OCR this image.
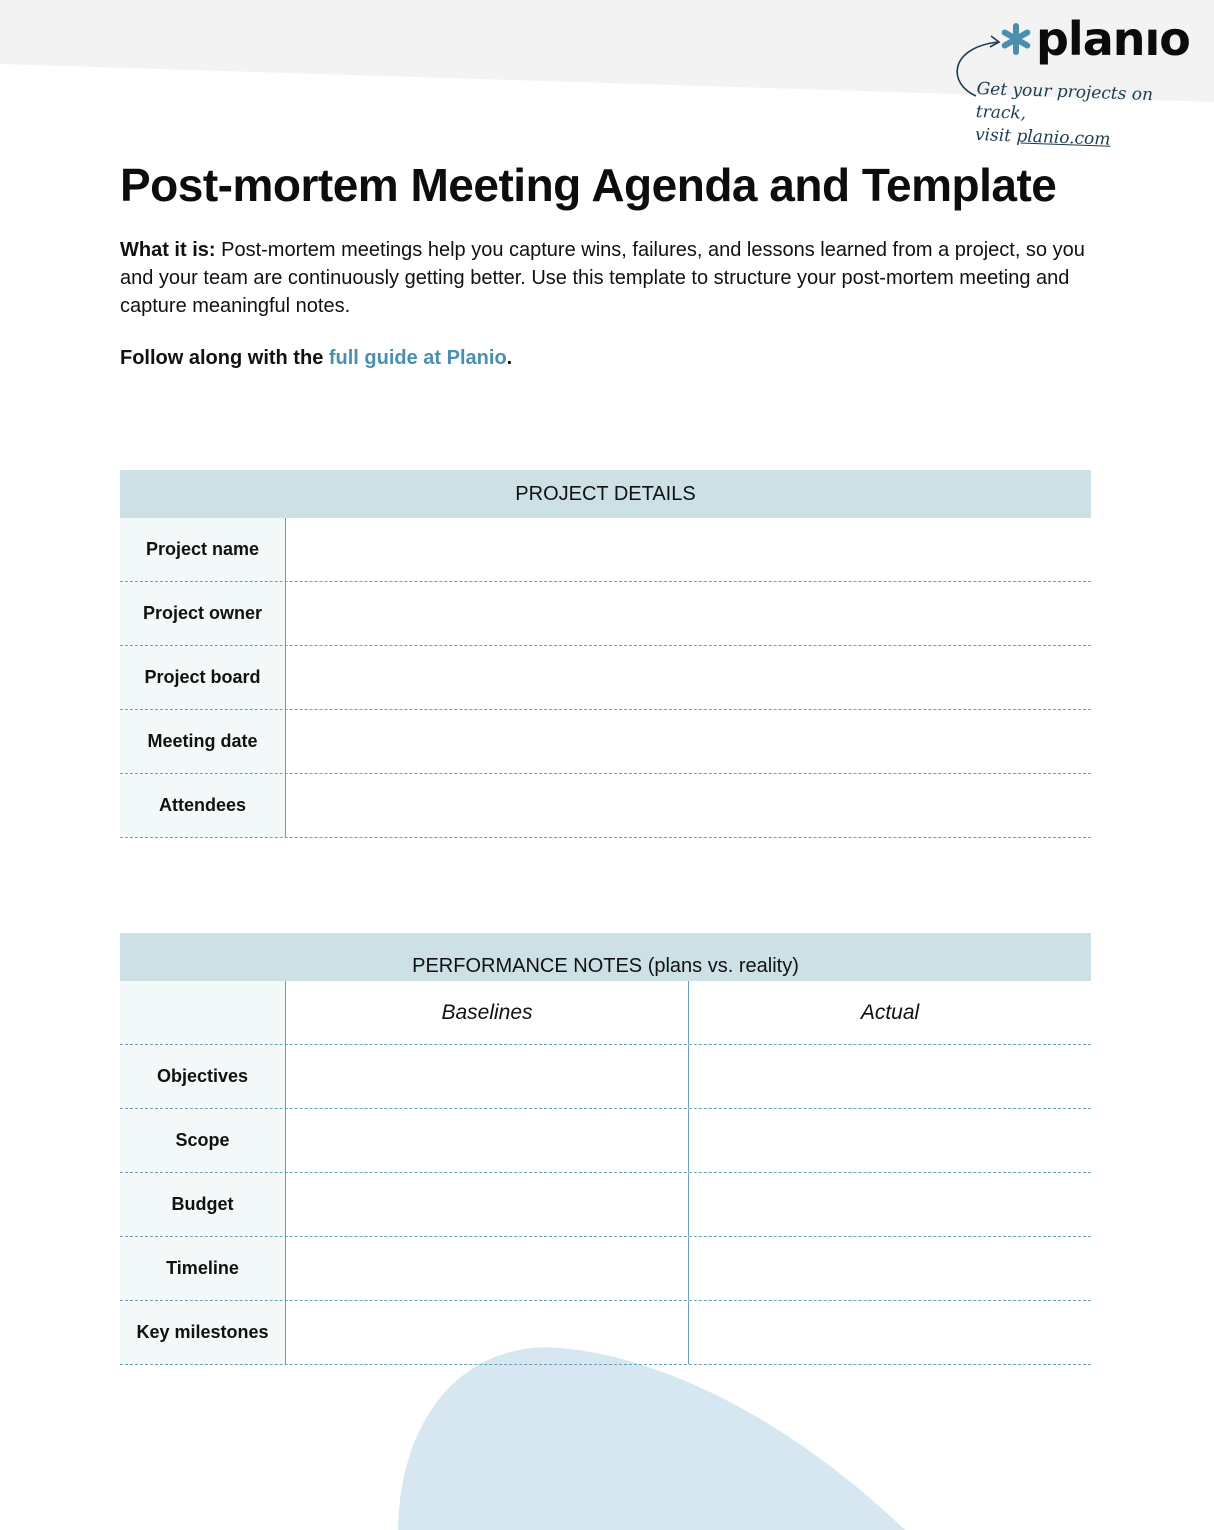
planıo
Get your projects on track,
visit planio.com
Post-mortem Meeting Agenda and Template

What it is: Post-mortem meetings help you capture wins, failures, and lessons learned from a project, so you and your team are continuously getting better. Use this template to structure your post-mortem meeting and capture meaningful notes.

Follow along with the full guide at Planio.

PROJECT DETAILS
Project name
Project owner
Project board
Meeting date
Attendees
PERFORMANCE NOTES (plans vs. reality)
Baselines	Actual
Objectives
Scope
Budget
Timeline
Key milestones
